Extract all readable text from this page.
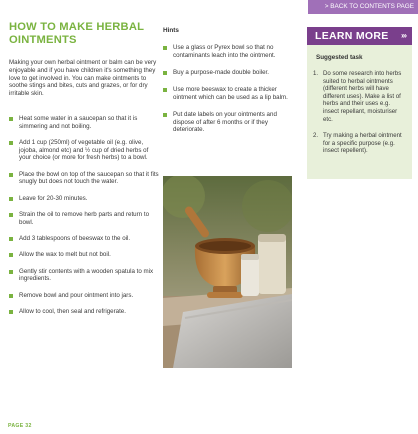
HOW TO MAKE HERBAL OINTMENTS
Making your own herbal ointment or balm can be very enjoyable and if you have children it's something they love to get involved in. You can make ointments to soothe stings and bites, cuts and grazes, or for dry irritable skin.
Heat some water in a saucepan so that it is simmering and not boiling.
Add 1 cup (250ml) of vegetable oil (e.g. olive, jojoba, almond etc) and ½ cup of dried herbs of your choice (or more for fresh herbs) to a bowl.
Place the bowl on top of the saucepan so that it fits snugly but does not touch the water.
Leave for 20-30 minutes.
Strain the oil to remove herb parts and return to bowl.
Add 3 tablespoons of beeswax to the oil.
Allow the wax to melt but not boil.
Gently stir contents with a wooden spatula to mix ingredients.
Remove bowl and pour ointment into jars.
Allow to cool, then seal and refrigerate.
Hints
Use a glass or Pyrex bowl so that no contaminants leach into the ointment.
Buy a purpose-made double boiler.
Use more beeswax to create a thicker ointment which can be used as a lip balm.
Put date labels on your ointments and dispose of after 6 months or if they deteriorate.
> BACK TO CONTENTS PAGE
LEARN MORE ›››
Suggested task
1. Do some research into herbs suited to herbal ointments (different herbs will have different uses). Make a list of herbs and their uses e.g. insect repellant, moisturiser etc.
2. Try making a herbal ointment for a specific purpose (e.g. insect repellent).
PAGE 32
